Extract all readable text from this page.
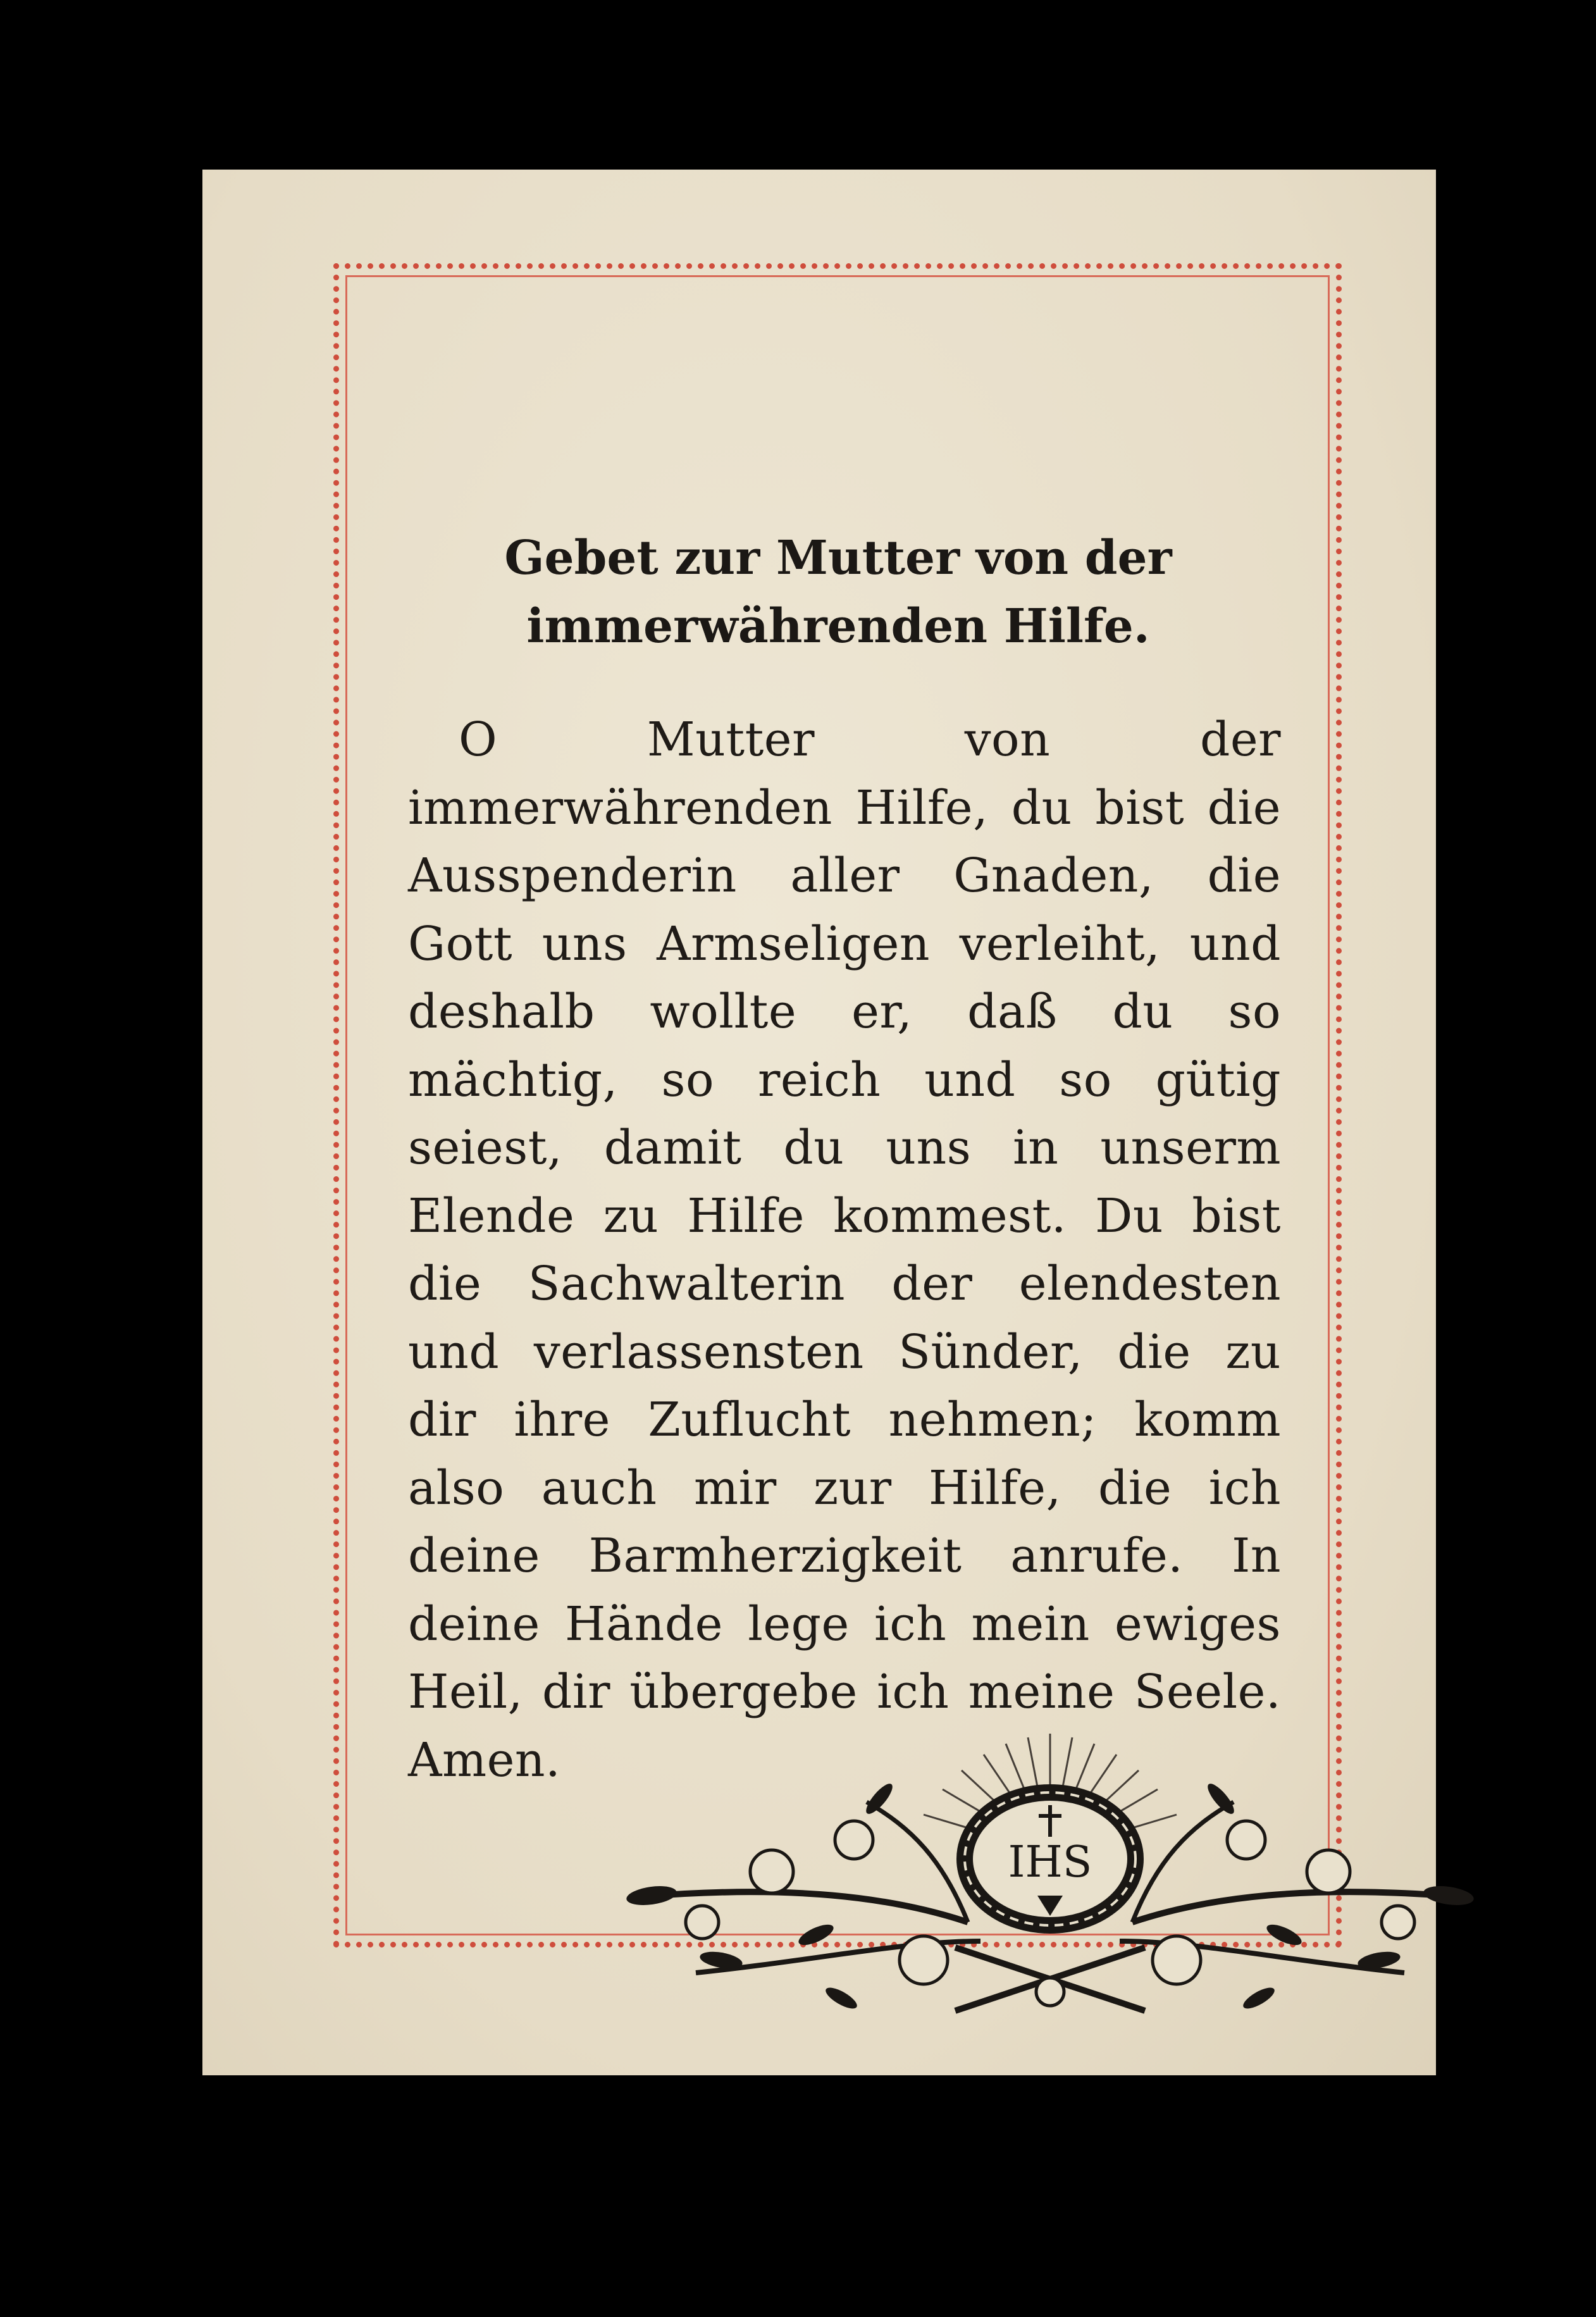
Gebet zur Mutter von der
immerwährenden Hilfe.

O Mutter von der immerwährenden Hilfe, du bist die Ausspenderin aller Gnaden, die Gott uns Armseligen verleiht, und deshalb wollte er, daß du so mächtig, so reich und so gütig seiest, damit du uns in unserm Elende zu Hilfe kommest. Du bist die Sachwalterin der elendesten und verlassensten Sünder, die zu dir ihre Zuflucht nehmen; komm also auch mir zur Hilfe, die ich deine Barmherzigkeit anrufe. In deine Hände lege ich mein ewiges Heil, dir übergebe ich meine Seele. Amen.

IHS
